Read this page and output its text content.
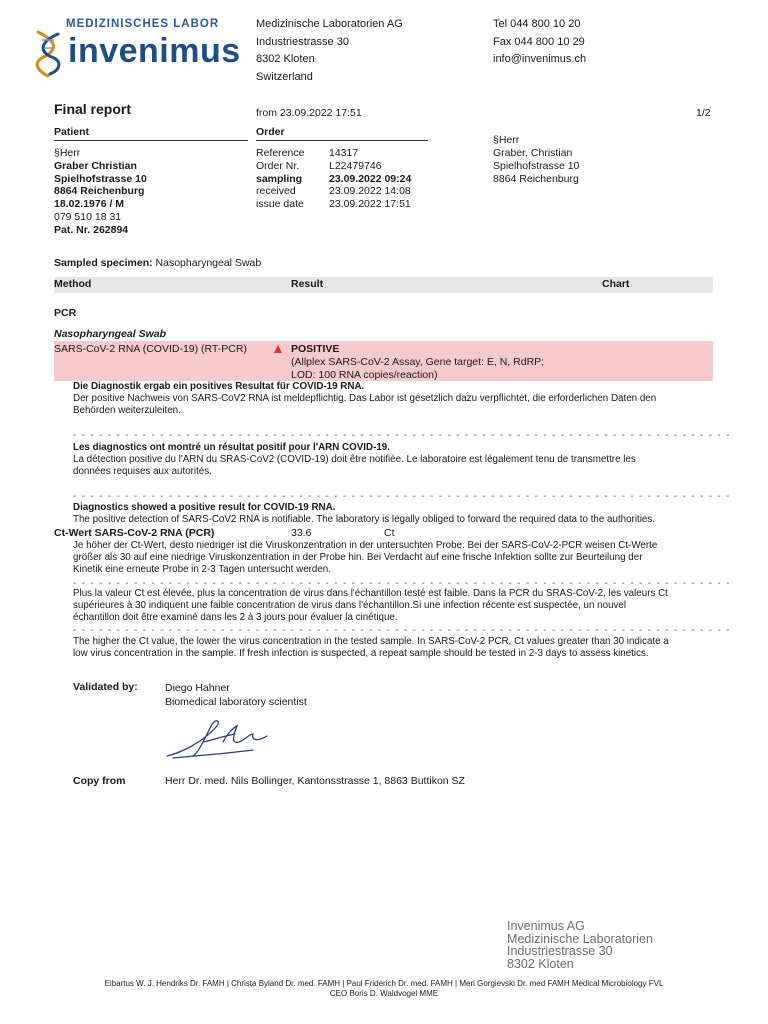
MEDIZINISCHES LABOR
invenimus
Medizinische Laboratorien AG
Industriestrasse 30
8302 Kloten
Switzerland
Tel 044 800 10 20
Fax 044 800 10 29
info@invenimus.ch
Final report	from 23.09.2022 17:51	1/2
Patient
§Herr
Graber Christian
Spielhofstrasse 10
8864 Reichenburg
18.02.1976 / M
079 510 18 31
Pat. Nr. 262894
Order
Reference 14317
Order Nr.	L22479746
sampling	23.09.2022 09:24
received	23.09.2022 14:08
issue date 23.09.2022 17:51
§Herr
Graber, Christian
Spielhofstrasse 10
8864 Reichenburg
Sampled specimen: Nasopharyngeal Swab
Method	Result	Chart
PCR
Nasopharyngeal Swab
SARS-CoV-2 RNA (COVID-19) (RT-PCR)	POSITIVE
(Allplex SARS-CoV-2 Assay, Gene target: E, N, RdRP;
LOD: 100 RNA copies/reaction)
Die Diagnostik ergab ein positives Resultat für COVID-19 RNA.
Der positive Nachweis von SARS-CoV2 RNA ist meldepflichtig. Das Labor ist gesetzlich dazu verpflichtet, die erforderlichen Daten den
Behörden weiterzuleiten.
- - - - - - - - - - - - - - - - - - - - - - - - - - - - - - - - - - - - - - - - - - - - - - - - - - - - - - - - - - - - - - - - - - - - - - - - - - - -
Les diagnostics ont montré un résultat positif pour l'ARN COVID-19.
La détection positive du l'ARN du SRAS-CoV2 (COVID-19) doit être notifiée. Le laboratoire est légalement tenu de transmettre les
données requises aux autorités.
- - - - - - - - - - - - - - - - - - - - - - - - - - - - - - - - - - - - - - - - - - - - - - - - - - - - - - - - - - - - - - - - - - - - - - - - - - - -
Diagnostics showed a positive result for COVID-19 RNA.
The positive detection of SARS-CoV2 RNA is notifiable. The laboratory is legally obliged to forward the required data to the authorities.
Ct-Wert SARS-CoV-2 RNA (PCR)	33.6	Ct
Je höher der Ct-Wert, desto niedriger ist die Viruskonzentration in der untersuchten Probe. Bei der SARS-CoV-2-PCR weisen Ct-Werte
größer als 30 auf eine niedrige Viruskonzentration in der Probe hin. Bei Verdacht auf eine frische Infektion sollte zur Beurteilung der
Kinetik eine erneute Probe in 2-3 Tagen untersucht werden.
- - - - - - - - - - - - - - - - - - - - - - - - - - - - - - - - - - - - - - - - - - - - - - - - - - - - - - - - - - - - - - - - - - - - - - - - - - - -
Plus la valeur Ct est élevée, plus la concentration de virus dans l'échantillon testé est faible. Dans la PCR du SRAS-CoV-2, les valeurs Ct
supérieures à 30 indiquent une faible concentration de virus dans l'échantillon.Si une infection récente est suspectée, un nouvel
échantillon doit être examiné dans les 2 à 3 jours pour évaluer la cinétique.
- - - - - - - - - - - - - - - - - - - - - - - - - - - - - - - - - - - - - - - - - - - - - - - - - - - - - - - - - - - - - - - - - - - - - - - - - - - -
The higher the Ct value, the lower the virus concentration in the tested sample. In SARS-CoV-2 PCR, Ct values greater than 30 indicate a
low virus concentration in the sample. If fresh infection is suspected, a repeat sample should be tested in 2-3 days to assess kinetics.
Validated by:	Diego Hahner
Biomedical laboratory scientist
Copy from	Herr Dr. med. Nils Bollinger, Kantonsstrasse 1, 8863 Buttikon SZ
Invenimus AG
Medizinische Laboratorien
Industriestrasse 30
8302 Kloten
Eibartus W. J. Hendriks Dr. FAMH | Christa Byland Dr. med. FAMH | Paul Friderich Dr. med. FAMH | Meri Gorgievski Dr. med FAMH Medical Microbiology FVL
CEO Boris D. Waldvogel MME
